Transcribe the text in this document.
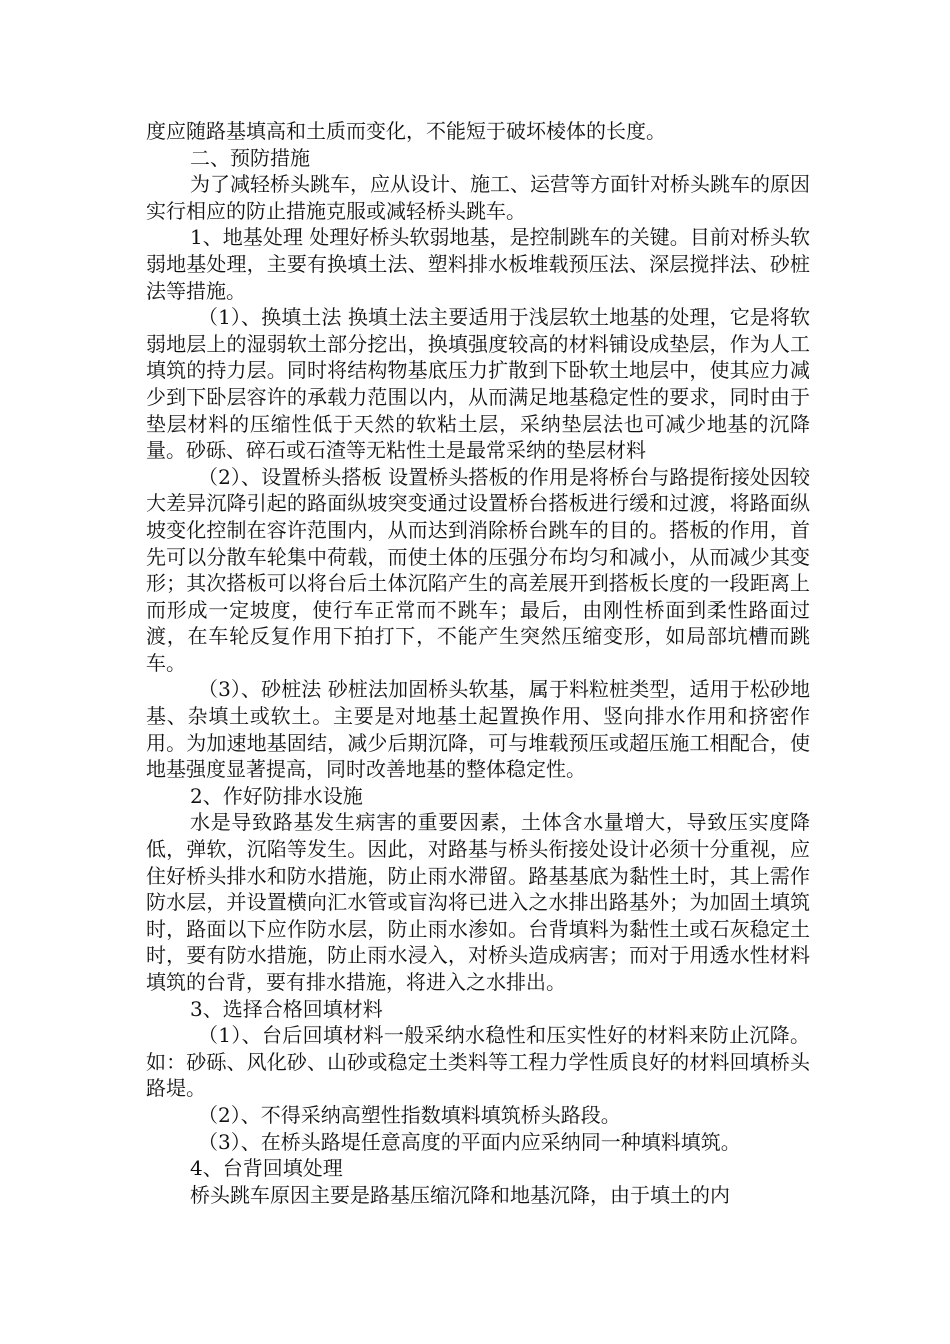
度应随路基填高和土质而变化，不能短于破坏棱体的长度。

二、预防措施

为了减轻桥头跳车，应从设计、施工、运营等方面针对桥头跳车的原因实行相应的防止措施克服或减轻桥头跳车。

1、地基处理 处理好桥头软弱地基，是控制跳车的关键。目前对桥头软弱地基处理，主要有换填土法、塑料排水板堆载预压法、深层搅拌法、砂桩法等措施。

（1）、换填土法 换填土法主要适用于浅层软土地基的处理，它是将软弱地层上的湿弱软土部分挖出，换填强度较高的材料铺设成垫层，作为人工填筑的持力层。同时将结构物基底压力扩散到下卧软土地层中，使其应力减少到下卧层容许的承载力范围以内，从而满足地基稳定性的要求，同时由于垫层材料的压缩性低于天然的软粘土层，采纳垫层法也可减少地基的沉降量。砂砾、碎石或石渣等无粘性土是最常采纳的垫层材料

（2）、设置桥头搭板 设置桥头搭板的作用是将桥台与路提衔接处因较大差异沉降引起的路面纵坡突变通过设置桥台搭板进行缓和过渡，将路面纵坡变化控制在容许范围内，从而达到消除桥台跳车的目的。搭板的作用，首先可以分散车轮集中荷载，而使土体的压强分布均匀和减小，从而减少其变形；其次搭板可以将台后土体沉陷产生的高差展开到搭板长度的一段距离上而形成一定坡度，使行车正常而不跳车；最后，由刚性桥面到柔性路面过渡，在车轮反复作用下拍打下，不能产生突然压缩变形，如局部坑槽而跳车。

（3）、砂桩法 砂桩法加固桥头软基，属于料粒桩类型，适用于松砂地基、杂填土或软土。主要是对地基土起置换作用、竖向排水作用和挤密作用。为加速地基固结，减少后期沉降，可与堆载预压或超压施工相配合，使地基强度显著提高，同时改善地基的整体稳定性。

2、作好防排水设施

水是导致路基发生病害的重要因素，土体含水量增大，导致压实度降低，弹软，沉陷等发生。因此，对路基与桥头衔接处设计必须十分重视，应住好桥头排水和防水措施，防止雨水滞留。路基基底为黏性土时，其上需作防水层，并设置横向汇水管或盲沟将已进入之水排出路基外；为加固土填筑时，路面以下应作防水层，防止雨水渗如。台背填料为黏性土或石灰稳定土时，要有防水措施，防止雨水浸入，对桥头造成病害；而对于用透水性材料填筑的台背，要有排水措施，将进入之水排出。

3、选择合格回填材料

（1）、台后回填材料一般采纳水稳性和压实性好的材料来防止沉降。如：砂砾、风化砂、山砂或稳定土类料等工程力学性质良好的材料回填桥头路堤。

（2）、不得采纳高塑性指数填料填筑桥头路段。

（3）、在桥头路堤任意高度的平面内应采纳同一种填料填筑。

4、台背回填处理

桥头跳车原因主要是路基压缩沉降和地基沉降，由于填土的内
